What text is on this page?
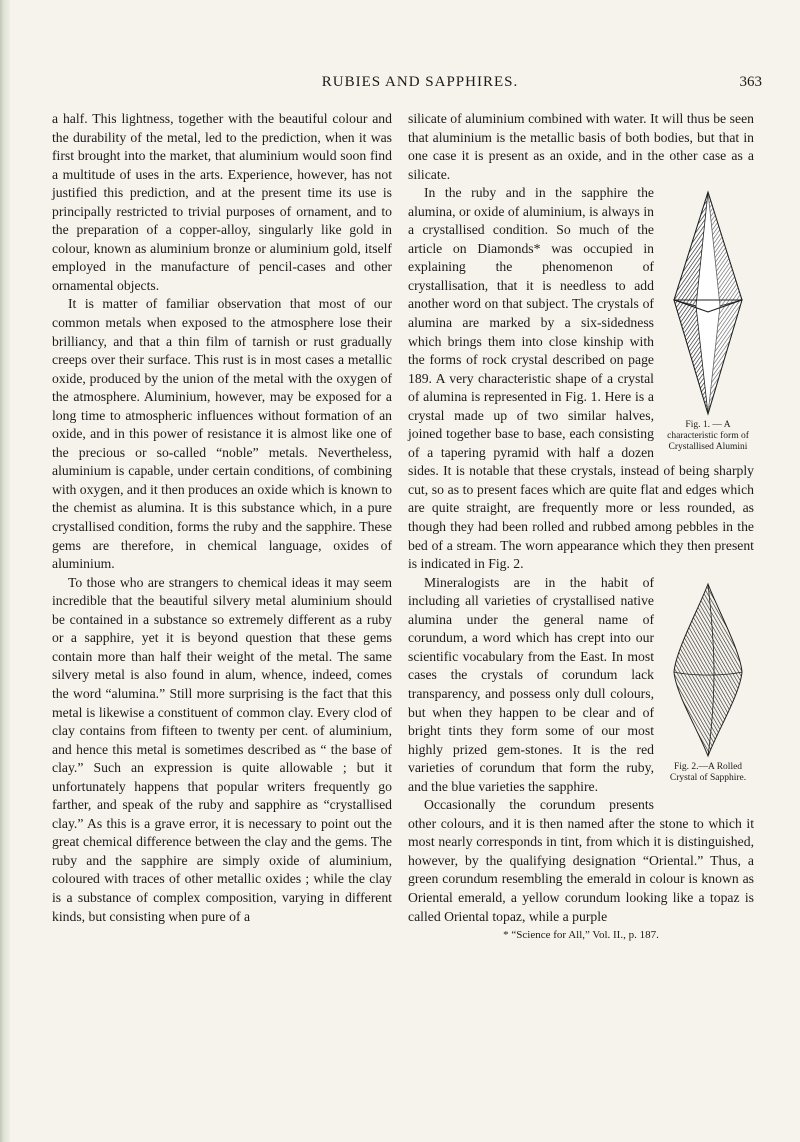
RUBIES AND SAPPHIRES.	363

a half. This lightness, together with the beautiful colour and the durability of the metal, led to the prediction, when it was first brought into the market, that aluminium would soon find a multitude of uses in the arts. Experience, however, has not justified this prediction, and at the present time its use is principally restricted to trivial purposes of ornament, and to the preparation of a copper-alloy, singularly like gold in colour, known as aluminium bronze or aluminium gold, itself employed in the manufacture of pencil-cases and other ornamental objects.

It is matter of familiar observation that most of our common metals when exposed to the atmosphere lose their brilliancy, and that a thin film of tarnish or rust gradually creeps over their surface. This rust is in most cases a metallic oxide, produced by the union of the metal with the oxygen of the atmosphere. Aluminium, however, may be exposed for a long time to atmospheric influences without formation of an oxide, and in this power of resistance it is almost like one of the precious or so-called “noble” metals. Nevertheless, aluminium is capable, under certain conditions, of combining with oxygen, and it then produces an oxide which is known to the chemist as alumina. It is this substance which, in a pure crystallised condition, forms the ruby and the sapphire. These gems are therefore, in chemical language, oxides of aluminium.

To those who are strangers to chemical ideas it may seem incredible that the beautiful silvery metal aluminium should be contained in a substance so extremely different as a ruby or a sapphire, yet it is beyond question that these gems contain more than half their weight of the metal. The same silvery metal is also found in alum, whence, indeed, comes the word “alumina.” Still more surprising is the fact that this metal is likewise a constituent of common clay. Every clod of clay contains from fifteen to twenty per cent. of aluminium, and hence this metal is sometimes described as “ the base of clay.” Such an expression is quite allowable ; but it unfortunately happens that popular writers frequently go farther, and speak of the ruby and sapphire as “crystallised clay.” As this is a grave error, it is necessary to point out the great chemical difference between the clay and the gems. The ruby and the sapphire are simply oxide of aluminium, coloured with traces of other metallic oxides ; while the clay is a substance of complex composition, varying in different kinds, but consisting when pure of a

silicate of aluminium combined with water. It will thus be seen that aluminium is the metallic basis of both bodies, but that in one case it is present as an oxide, and in the other case as a silicate.

Fig. 1. — A characteristic form of Crystallised Alumini

In the ruby and in the sapphire the alumina, or oxide of aluminium, is always in a crystallised condition. So much of the article on Diamonds* was occupied in explaining the phenomenon of crystallisation, that it is needless to add another word on that subject. The crystals of alumina are marked by a six-sidedness which brings them into close kinship with the forms of rock crystal described on page 189. A very characteristic shape of a crystal of alumina is represented in Fig. 1. Here is a crystal made up of two similar halves, joined together base to base, each consisting of a tapering pyramid with half a dozen sides. It is notable that these crystals, instead of being sharply cut, so as to present faces which are quite flat and edges which are quite straight, are frequently more or less rounded, as though they had been rolled and rubbed among pebbles in the bed of a stream. The worn appearance which they then present is indicated in Fig. 2.

Fig. 2.—A Rolled Crystal of Sapphire.

Mineralogists are in the habit of including all varieties of crystallised native alumina under the general name of corundum, a word which has crept into our scientific vocabulary from the East. In most cases the crystals of corundum lack transparency, and possess only dull colours, but when they happen to be clear and of bright tints they form some of our most highly prized gem-stones. It is the red varieties of corundum that form the ruby, and the blue varieties the sapphire.

Occasionally the corundum presents other colours, and it is then named after the stone to which it most nearly corresponds in tint, from which it is distinguished, however, by the qualifying designation “Oriental.” Thus, a green corundum resembling the emerald in colour is known as Oriental emerald, a yellow corundum looking like a topaz is called Oriental topaz, while a purple

* “Science for All,” Vol. II., p. 187.
